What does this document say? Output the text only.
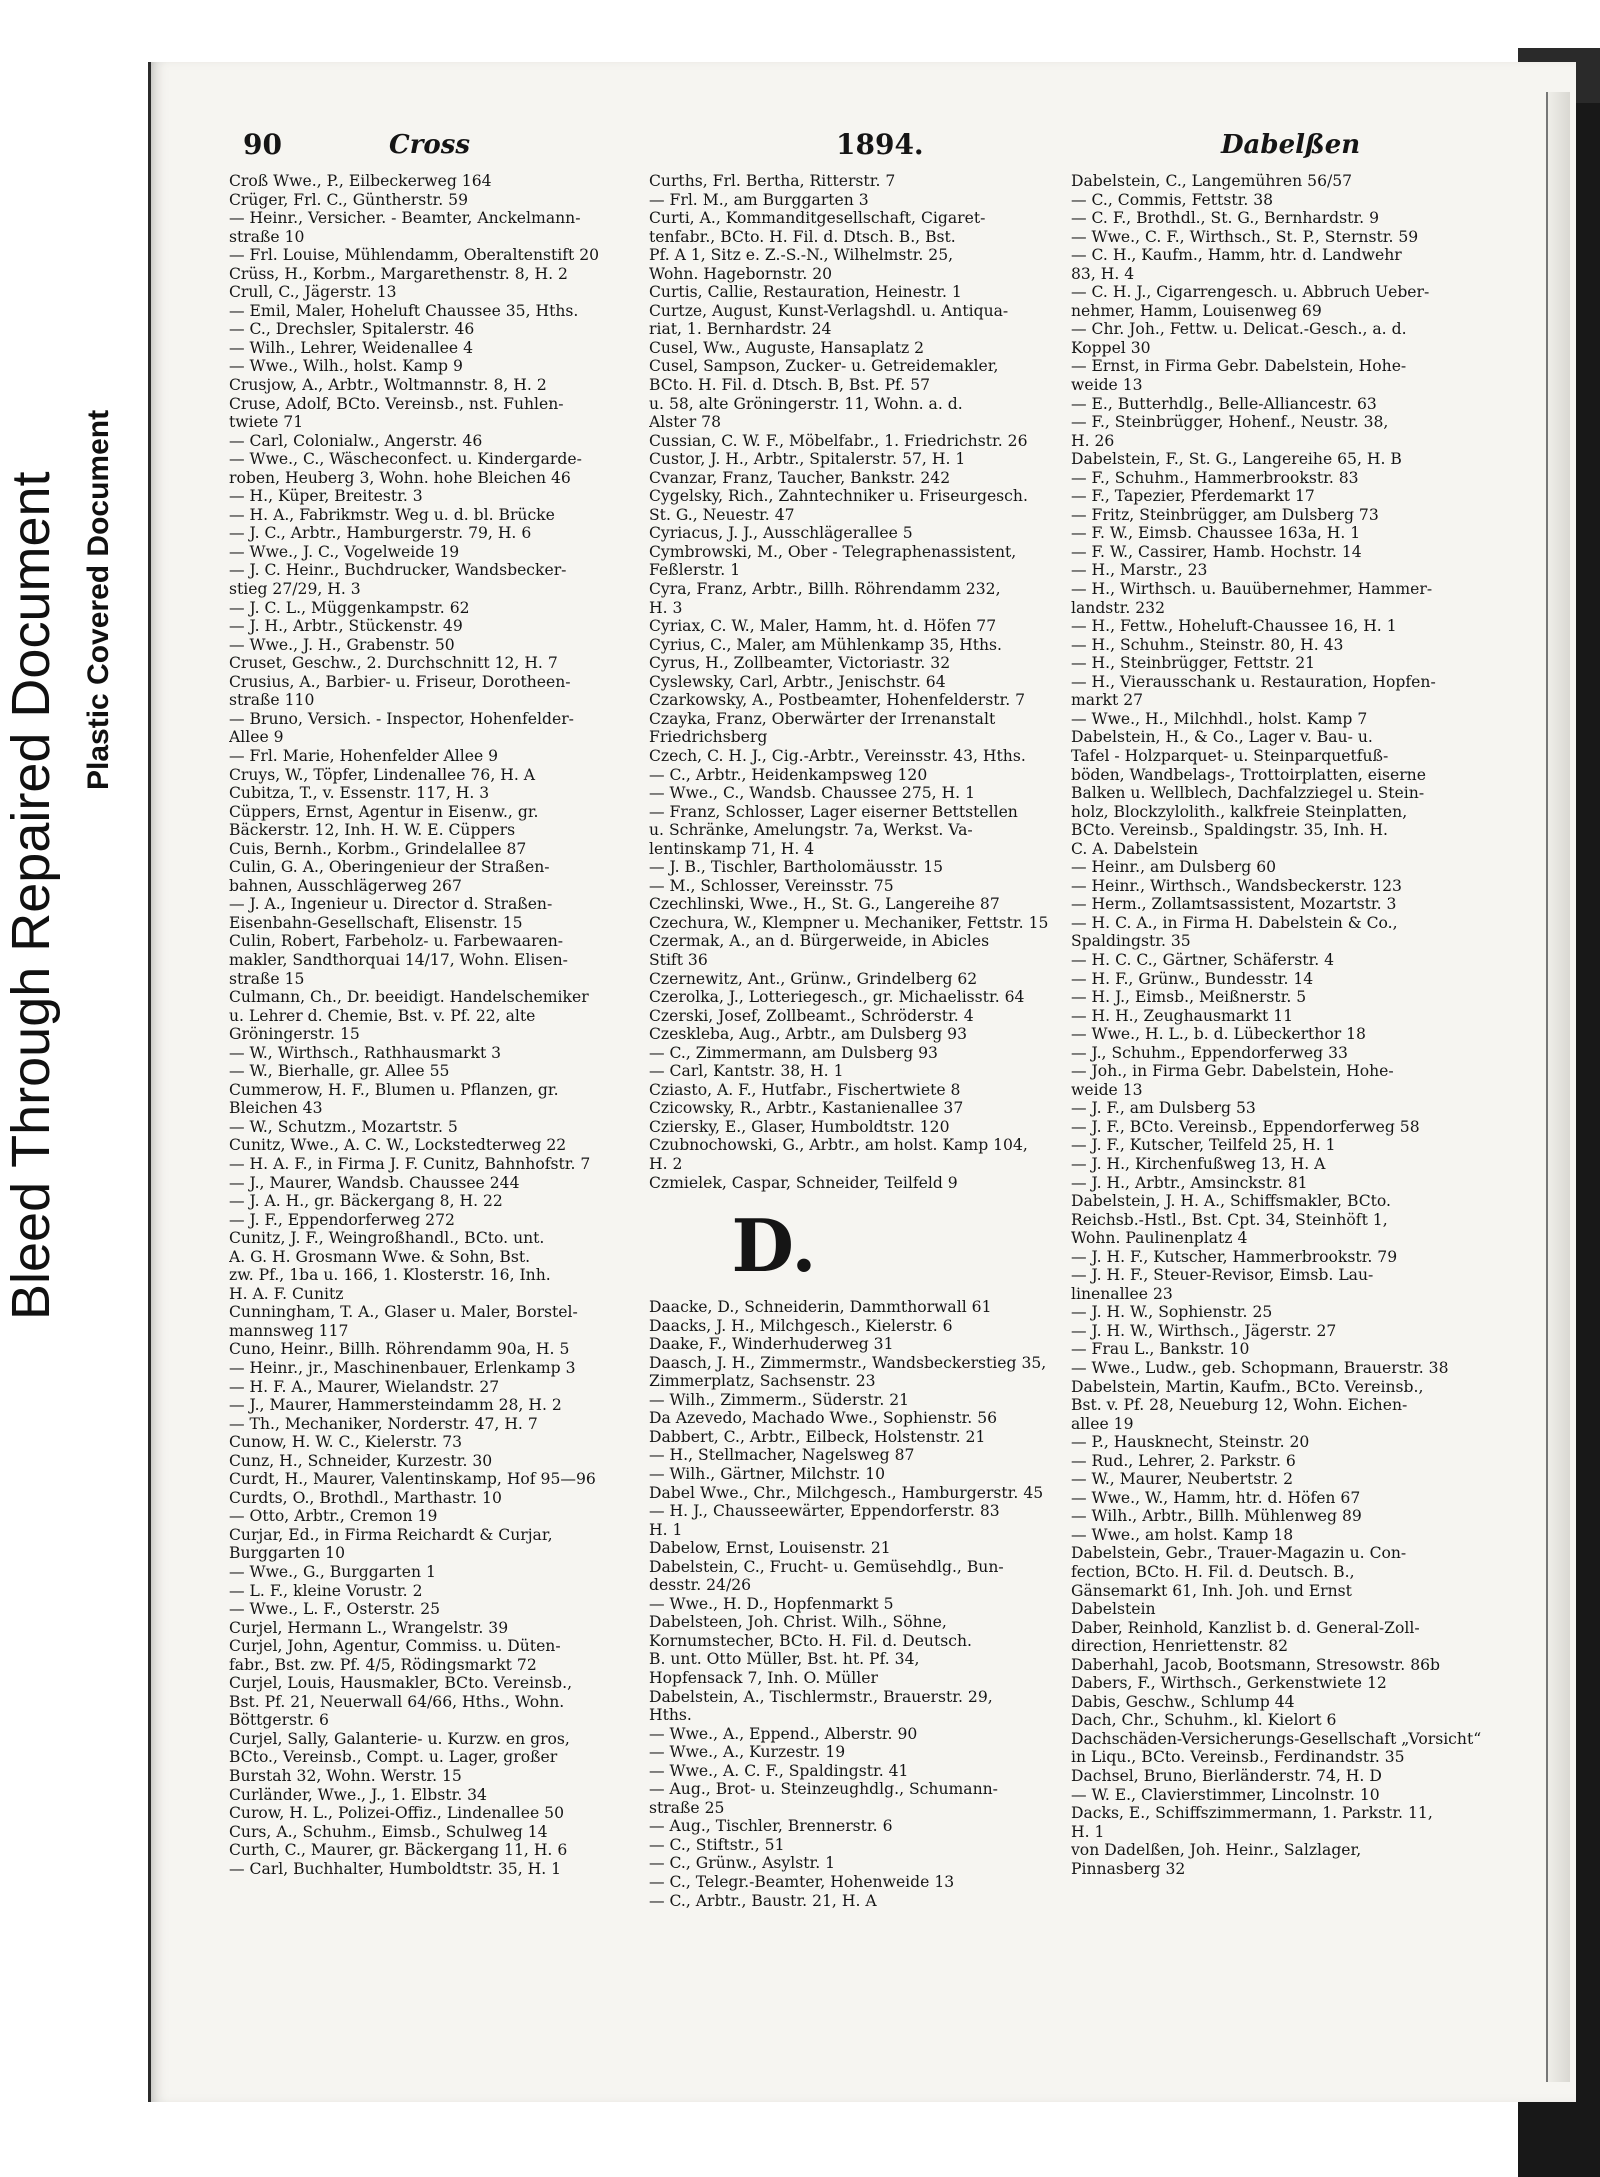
Bleed Through Repaired Document Plastic Covered Document
90	Cross	1894.	Dabelßen
Croß Wwe., P., Eilbeckerweg 164
Crüger, Frl. C., Güntherstr. 59
— Heinr., Versicher. - Beamter, Anckelmann-
straße 10
— Frl. Louise, Mühlendamm, Oberaltenstift 20
Crüss, H., Korbm., Margarethenstr. 8, H. 2
Crull, C., Jägerstr. 13
— Emil, Maler, Hoheluft Chaussee 35, Hths.
— C., Drechsler, Spitalerstr. 46
— Wilh., Lehrer, Weidenallee 4
— Wwe., Wilh., holst. Kamp 9
Crusjow, A., Arbtr., Woltmannstr. 8, H. 2
Cruse, Adolf, BCto. Vereinsb., nst. Fuhlen-
twiete 71
— Carl, Colonialw., Angerstr. 46
— Wwe., C., Wäscheconfect. u. Kindergarde-
roben, Heuberg 3, Wohn. hohe Bleichen 46
— H., Küper, Breitestr. 3
— H. A., Fabrikmstr. Weg u. d. bl. Brücke
— J. C., Arbtr., Hamburgerstr. 79, H. 6
— Wwe., J. C., Vogelweide 19
— J. C. Heinr., Buchdrucker, Wandsbecker-
stieg 27/29, H. 3
— J. C. L., Müggenkampstr. 62
— J. H., Arbtr., Stückenstr. 49
— Wwe., J. H., Grabenstr. 50
Cruset, Geschw., 2. Durchschnitt 12, H. 7
Crusius, A., Barbier- u. Friseur, Dorotheen-
straße 110
— Bruno, Versich. - Inspector, Hohenfelder-
Allee 9
— Frl. Marie, Hohenfelder Allee 9
Cruys, W., Töpfer, Lindenallee 76, H. A
Cubitza, T., v. Essenstr. 117, H. 3
Cüppers, Ernst, Agentur in Eisenw., gr.
Bäckerstr. 12, Inh. H. W. E. Cüppers
Cuis, Bernh., Korbm., Grindelallee 87
Culin, G. A., Oberingenieur der Straßen-
bahnen, Ausschlägerweg 267
— J. A., Ingenieur u. Director d. Straßen-
Eisenbahn-Gesellschaft, Elisenstr. 15
Culin, Robert, Farbeholz- u. Farbewaaren-
makler, Sandthorquai 14/17, Wohn. Elisen-
straße 15
Culmann, Ch., Dr. beeidigt. Handelschemiker
u. Lehrer d. Chemie, Bst. v. Pf. 22, alte
Gröningerstr. 15
— W., Wirthsch., Rathhausmarkt 3
— W., Bierhalle, gr. Allee 55
Cummerow, H. F., Blumen u. Pflanzen, gr.
Bleichen 43
— W., Schutzm., Mozartstr. 5
Cunitz, Wwe., A. C. W., Lockstedterweg 22
— H. A. F., in Firma J. F. Cunitz, Bahnhofstr. 7
— J., Maurer, Wandsb. Chaussee 244
— J. A. H., gr. Bäckergang 8, H. 22
— J. F., Eppendorferweg 272
Cunitz, J. F., Weingroßhandl., BCto. unt.
A. G. H. Grosmann Wwe. & Sohn, Bst.
zw. Pf., 1ba u. 166, 1. Klosterstr. 16, Inh.
H. A. F. Cunitz
Cunningham, T. A., Glaser u. Maler, Borstel-
mannsweg 117
Cuno, Heinr., Billh. Röhrendamm 90a, H. 5
— Heinr., jr., Maschinenbauer, Erlenkamp 3
— H. F. A., Maurer, Wielandstr. 27
— J., Maurer, Hammersteindamm 28, H. 2
— Th., Mechaniker, Norderstr. 47, H. 7
Cunow, H. W. C., Kielerstr. 73
Cunz, H., Schneider, Kurzestr. 30
Curdt, H., Maurer, Valentinskamp, Hof 95—96
Curdts, O., Brothdl., Marthastr. 10
— Otto, Arbtr., Cremon 19
Curjar, Ed., in Firma Reichardt & Curjar,
Burggarten 10
— Wwe., G., Burggarten 1
— L. F., kleine Vorustr. 2
— Wwe., L. F., Osterstr. 25
Curjel, Hermann L., Wrangelstr. 39
Curjel, John, Agentur, Commiss. u. Düten-
fabr., Bst. zw. Pf. 4/5, Rödingsmarkt 72
Curjel, Louis, Hausmakler, BCto. Vereinsb.,
Bst. Pf. 21, Neuerwall 64/66, Hths., Wohn.
Böttgerstr. 6
Curjel, Sally, Galanterie- u. Kurzw. en gros,
BCto., Vereinsb., Compt. u. Lager, großer
Burstah 32, Wohn. Werstr. 15
Curländer, Wwe., J., 1. Elbstr. 34
Curow, H. L., Polizei-Offiz., Lindenallee 50
Curs, A., Schuhm., Eimsb., Schulweg 14
Curth, C., Maurer, gr. Bäckergang 11, H. 6
— Carl, Buchhalter, Humboldtstr. 35, H. 1
Curths, Frl. Bertha, Ritterstr. 7
— Frl. M., am Burggarten 3
Curti, A., Kommanditgesellschaft, Cigaret-
tenfabr., BCto. H. Fil. d. Dtsch. B., Bst.
Pf. A 1, Sitz e. Z.-S.-N., Wilhelmstr. 25,
Wohn. Hagebornstr. 20
Curtis, Callie, Restauration, Heinestr. 1
Curtze, August, Kunst-Verlagshdl. u. Antiqua-
riat, 1. Bernhardstr. 24
Cusel, Ww., Auguste, Hansaplatz 2
Cusel, Sampson, Zucker- u. Getreidemakler,
BCto. H. Fil. d. Dtsch. B, Bst. Pf. 57
u. 58, alte Gröningerstr. 11, Wohn. a. d.
Alster 78
Cussian, C. W. F., Möbelfabr., 1. Friedrichstr. 26
Custor, J. H., Arbtr., Spitalerstr. 57, H. 1
Cvanzar, Franz, Taucher, Bankstr. 242
Cygelsky, Rich., Zahntechniker u. Friseurgesch.
St. G., Neuestr. 47
Cyriacus, J. J., Ausschlägerallee 5
Cymbrowski, M., Ober - Telegraphenassistent,
Feßlerstr. 1
Cyra, Franz, Arbtr., Billh. Röhrendamm 232,
H. 3
Cyriax, C. W., Maler, Hamm, ht. d. Höfen 77
Cyrius, C., Maler, am Mühlenkamp 35, Hths.
Cyrus, H., Zollbeamter, Victoriastr. 32
Cyslewsky, Carl, Arbtr., Jenischstr. 64
Czarkowsky, A., Postbeamter, Hohenfelderstr. 7
Czayka, Franz, Oberwärter der Irrenanstalt
Friedrichsberg
Czech, C. H. J., Cig.-Arbtr., Vereinsstr. 43, Hths.
— C., Arbtr., Heidenkampsweg 120
— Wwe., C., Wandsb. Chaussee 275, H. 1
— Franz, Schlosser, Lager eiserner Bettstellen
u. Schränke, Amelungstr. 7a, Werkst. Va-
lentinskamp 71, H. 4
— J. B., Tischler, Bartholomäusstr. 15
— M., Schlosser, Vereinsstr. 75
Czechlinski, Wwe., H., St. G., Langereihe 87
Czechura, W., Klempner u. Mechaniker, Fettstr. 15
Czermak, A., an d. Bürgerweide, in Abicles
Stift 36
Czernewitz, Ant., Grünw., Grindelberg 62
Czerolka, J., Lotteriegesch., gr. Michaelisstr. 64
Czerski, Josef, Zollbeamt., Schröderstr. 4
Czeskleba, Aug., Arbtr., am Dulsberg 93
— C., Zimmermann, am Dulsberg 93
— Carl, Kantstr. 38, H. 1
Cziasto, A. F., Hutfabr., Fischertwiete 8
Czicowsky, R., Arbtr., Kastanienallee 37
Cziersky, E., Glaser, Humboldtstr. 120
Czubnochowski, G., Arbtr., am holst. Kamp 104,
H. 2
Czmielek, Caspar, Schneider, Teilfeld 9
D.
Daacke, D., Schneiderin, Dammthorwall 61
Daacks, J. H., Milchgesch., Kielerstr. 6
Daake, F., Winderhuderweg 31
Daasch, J. H., Zimmermstr., Wandsbeckerstieg 35,
Zimmerplatz, Sachsenstr. 23
— Wilh., Zimmerm., Süderstr. 21
Da Azevedo, Machado Wwe., Sophienstr. 56
Dabbert, C., Arbtr., Eilbeck, Holstenstr. 21
— H., Stellmacher, Nagelsweg 87
— Wilh., Gärtner, Milchstr. 10
Dabel Wwe., Chr., Milchgesch., Hamburgerstr. 45
— H. J., Chausseewärter, Eppendorferstr. 83
H. 1
Dabelow, Ernst, Louisenstr. 21
Dabelstein, C., Frucht- u. Gemüsehdlg., Bun-
desstr. 24/26
— Wwe., H. D., Hopfenmarkt 5
Dabelsteen, Joh. Christ. Wilh., Söhne,
Kornumstecher, BCto. H. Fil. d. Deutsch.
B. unt. Otto Müller, Bst. ht. Pf. 34,
Hopfensack 7, Inh. O. Müller
Dabelstein, A., Tischlermstr., Brauerstr. 29,
Hths.
— Wwe., A., Eppend., Alberstr. 90
— Wwe., A., Kurzestr. 19
— Wwe., A. C. F., Spaldingstr. 41
— Aug., Brot- u. Steinzeughdlg., Schumann-
straße 25
— Aug., Tischler, Brennerstr. 6
— C., Stiftstr., 51
— C., Grünw., Asylstr. 1
— C., Telegr.-Beamter, Hohenweide 13
— C., Arbtr., Baustr. 21, H. A
Dabelstein, C., Langemühren 56/57
— C., Commis, Fettstr. 38
— C. F., Brothdl., St. G., Bernhardstr. 9
— Wwe., C. F., Wirthsch., St. P., Sternstr. 59
— C. H., Kaufm., Hamm, htr. d. Landwehr
83, H. 4
— C. H. J., Cigarrengesch. u. Abbruch Ueber-
nehmer, Hamm, Louisenweg 69
— Chr. Joh., Fettw. u. Delicat.-Gesch., a. d.
Koppel 30
— Ernst, in Firma Gebr. Dabelstein, Hohe-
weide 13
— E., Butterhdlg., Belle-Alliancestr. 63
— F., Steinbrügger, Hohenf., Neustr. 38,
H. 26
Dabelstein, F., St. G., Langereihe 65, H. B
— F., Schuhm., Hammerbrookstr. 83
— F., Tapezier, Pferdemarkt 17
— Fritz, Steinbrügger, am Dulsberg 73
— F. W., Eimsb. Chaussee 163a, H. 1
— F. W., Cassirer, Hamb. Hochstr. 14
— H., Marstr., 23
— H., Wirthsch. u. Bauübernehmer, Hammer-
landstr. 232
— H., Fettw., Hoheluft-Chaussee 16, H. 1
— H., Schuhm., Steinstr. 80, H. 43
— H., Steinbrügger, Fettstr. 21
— H., Vierausschank u. Restauration, Hopfen-
markt 27
— Wwe., H., Milchhdl., holst. Kamp 7
Dabelstein, H., & Co., Lager v. Bau- u.
Tafel - Holzparquet- u. Steinparquetfuß-
böden, Wandbelags-, Trottoirplatten, eiserne
Balken u. Wellblech, Dachfalzziegel u. Stein-
holz, Blockzylolith., kalkfreie Steinplatten,
BCto. Vereinsb., Spaldingstr. 35, Inh. H.
C. A. Dabelstein
— Heinr., am Dulsberg 60
— Heinr., Wirthsch., Wandsbeckerstr. 123
— Herm., Zollamtsassistent, Mozartstr. 3
— H. C. A., in Firma H. Dabelstein & Co.,
Spaldingstr. 35
— H. C. C., Gärtner, Schäferstr. 4
— H. F., Grünw., Bundesstr. 14
— H. J., Eimsb., Meißnerstr. 5
— H. H., Zeughausmarkt 11
— Wwe., H. L., b. d. Lübeckerthor 18
— J., Schuhm., Eppendorferweg 33
— Joh., in Firma Gebr. Dabelstein, Hohe-
weide 13
— J. F., am Dulsberg 53
— J. F., BCto. Vereinsb., Eppendorferweg 58
— J. F., Kutscher, Teilfeld 25, H. 1
— J. H., Kirchenfußweg 13, H. A
— J. H., Arbtr., Amsinckstr. 81
Dabelstein, J. H. A., Schiffsmakler, BCto.
Reichsb.-Hstl., Bst. Cpt. 34, Steinhöft 1,
Wohn. Paulinenplatz 4
— J. H. F., Kutscher, Hammerbrookstr. 79
— J. H. F., Steuer-Revisor, Eimsb. Lau-
linenallee 23
— J. H. W., Sophienstr. 25
— J. H. W., Wirthsch., Jägerstr. 27
— Frau L., Bankstr. 10
— Wwe., Ludw., geb. Schopmann, Brauerstr. 38
Dabelstein, Martin, Kaufm., BCto. Vereinsb.,
Bst. v. Pf. 28, Neueburg 12, Wohn. Eichen-
allee 19
— P., Hausknecht, Steinstr. 20
— Rud., Lehrer, 2. Parkstr. 6
— W., Maurer, Neubertstr. 2
— Wwe., W., Hamm, htr. d. Höfen 67
— Wilh., Arbtr., Billh. Mühlenweg 89
— Wwe., am holst. Kamp 18
Dabelstein, Gebr., Trauer-Magazin u. Con-
fection, BCto. H. Fil. d. Deutsch. B.,
Gänsemarkt 61, Inh. Joh. und Ernst
Dabelstein
Daber, Reinhold, Kanzlist b. d. General-Zoll-
direction, Henriettenstr. 82
Daberhahl, Jacob, Bootsmann, Stresowstr. 86b
Dabers, F., Wirthsch., Gerkenstwiete 12
Dabis, Geschw., Schlump 44
Dach, Chr., Schuhm., kl. Kielort 6
Dachschäden-Versicherungs-Gesellschaft „Vorsicht“
in Liqu., BCto. Vereinsb., Ferdinandstr. 35
Dachsel, Bruno, Bierländerstr. 74, H. D
— W. E., Clavierstimmer, Lincolnstr. 10
Dacks, E., Schiffszimmermann, 1. Parkstr. 11,
H. 1
von Dadelßen, Joh. Heinr., Salzlager,
Pinnasberg 32
